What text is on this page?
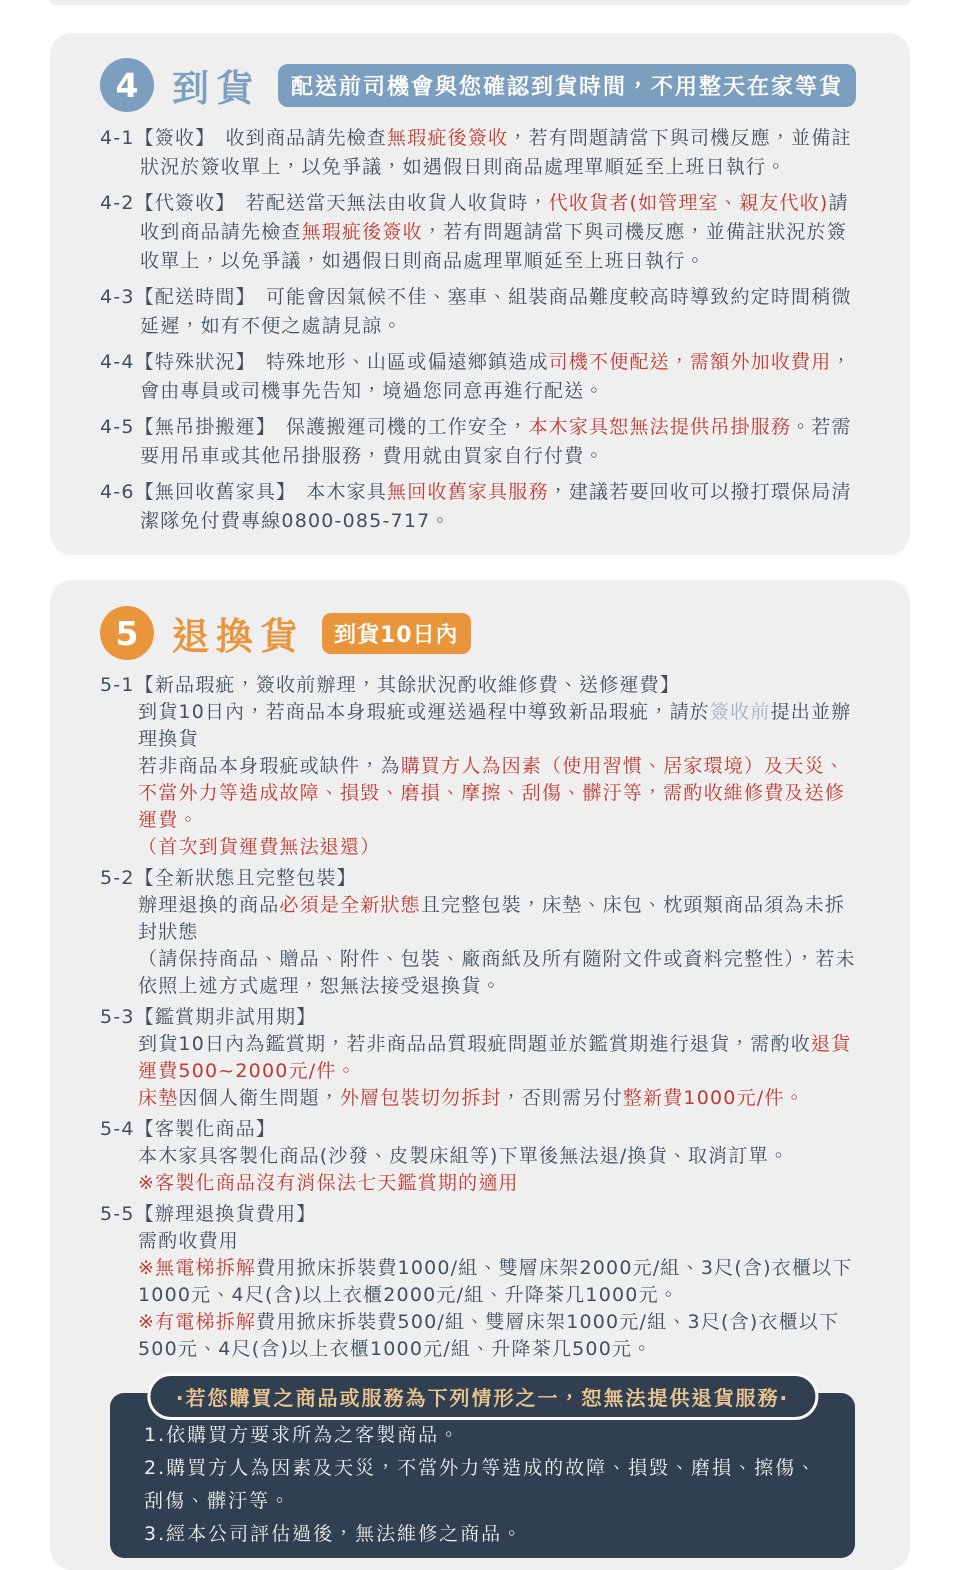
4 到貨	配送前司機會與您確認到貨時間，不用整天在家等貨
4-1【簽收】 收到商品請先檢查無瑕疵後簽收，若有問題請當下與司機反應，並備註狀況於簽收單上，以免爭議，如遇假日則商品處理單順延至上班日執行。
4-2【代簽收】 若配送當天無法由收貨人收貨時，代收貨者(如管理室、親友代收)請收到商品請先檢查無瑕疵後簽收，若有問題請當下與司機反應，並備註狀況於簽收單上，以免爭議，如遇假日則商品處理單順延至上班日執行。
4-3【配送時間】 可能會因氣候不佳、塞車、組裝商品難度較高時導致約定時間稍微延遲，如有不便之處請見諒。
4-4【特殊狀況】 特殊地形、山區或偏遠鄉鎮造成司機不便配送，需額外加收費用，會由專員或司機事先告知，境過您同意再進行配送。
4-5【無吊掛搬運】 保護搬運司機的工作安全，本木家具恕無法提供吊掛服務。若需要用吊車或其他吊掛服務，費用就由買家自行付費。
4-6【無回收舊家具】 本木家具無回收舊家具服務，建議若要回收可以撥打環保局清潔隊免付費專線0800-085-717。
5 退換貨	到貨10日內
5-1【新品瑕疵，簽收前辦理，其餘狀況酌收維修費、送修運費】
到貨10日內，若商品本身瑕疵或運送過程中導致新品瑕疵，請於簽收前提出並辦理換貨
若非商品本身瑕疵或缺件，為購買方人為因素（使用習慣、居家環境）及天災、不當外力等造成故障、損毀、磨損、摩擦、刮傷、髒汙等，需酌收維修費及送修運費。
（首次到貨運費無法退還）
5-2【全新狀態且完整包裝】
辦理退換的商品必須是全新狀態且完整包裝，床墊、床包、枕頭類商品須為未拆封狀態
（請保持商品、贈品、附件、包裝、廠商紙及所有隨附文件或資料完整性），若未依照上述方式處理，恕無法接受退換貨。
5-3【鑑賞期非試用期】
到貨10日內為鑑賞期，若非商品品質瑕疵問題並於鑑賞期進行退貨，需酌收退貨運費500~2000元/件。
床墊因個人衛生問題，外層包裝切勿拆封，否則需另付整新費1000元/件。
5-4【客製化商品】
本木家具客製化商品(沙發、皮製床組等)下單後無法退/換貨、取消訂單。
※客製化商品沒有消保法七天鑑賞期的適用
5-5【辦理退換貨費用】
需酌收費用
※無電梯拆解費用掀床拆裝費1000/組、雙層床架2000元/組、3尺(含)衣櫃以下1000元、4尺(含)以上衣櫃2000元/組、升降茶几1000元。
※有電梯拆解費用掀床拆裝費500/組、雙層床架1000元/組、3尺(含)衣櫃以下500元、4尺(含)以上衣櫃1000元/組、升降茶几500元。
·若您購買之商品或服務為下列情形之一，恕無法提供退貨服務·
1.依購買方要求所為之客製商品。
2.購買方人為因素及天災，不當外力等造成的故障、損毀、磨損、擦傷、刮傷、髒汙等。
3.經本公司評估過後，無法維修之商品。
